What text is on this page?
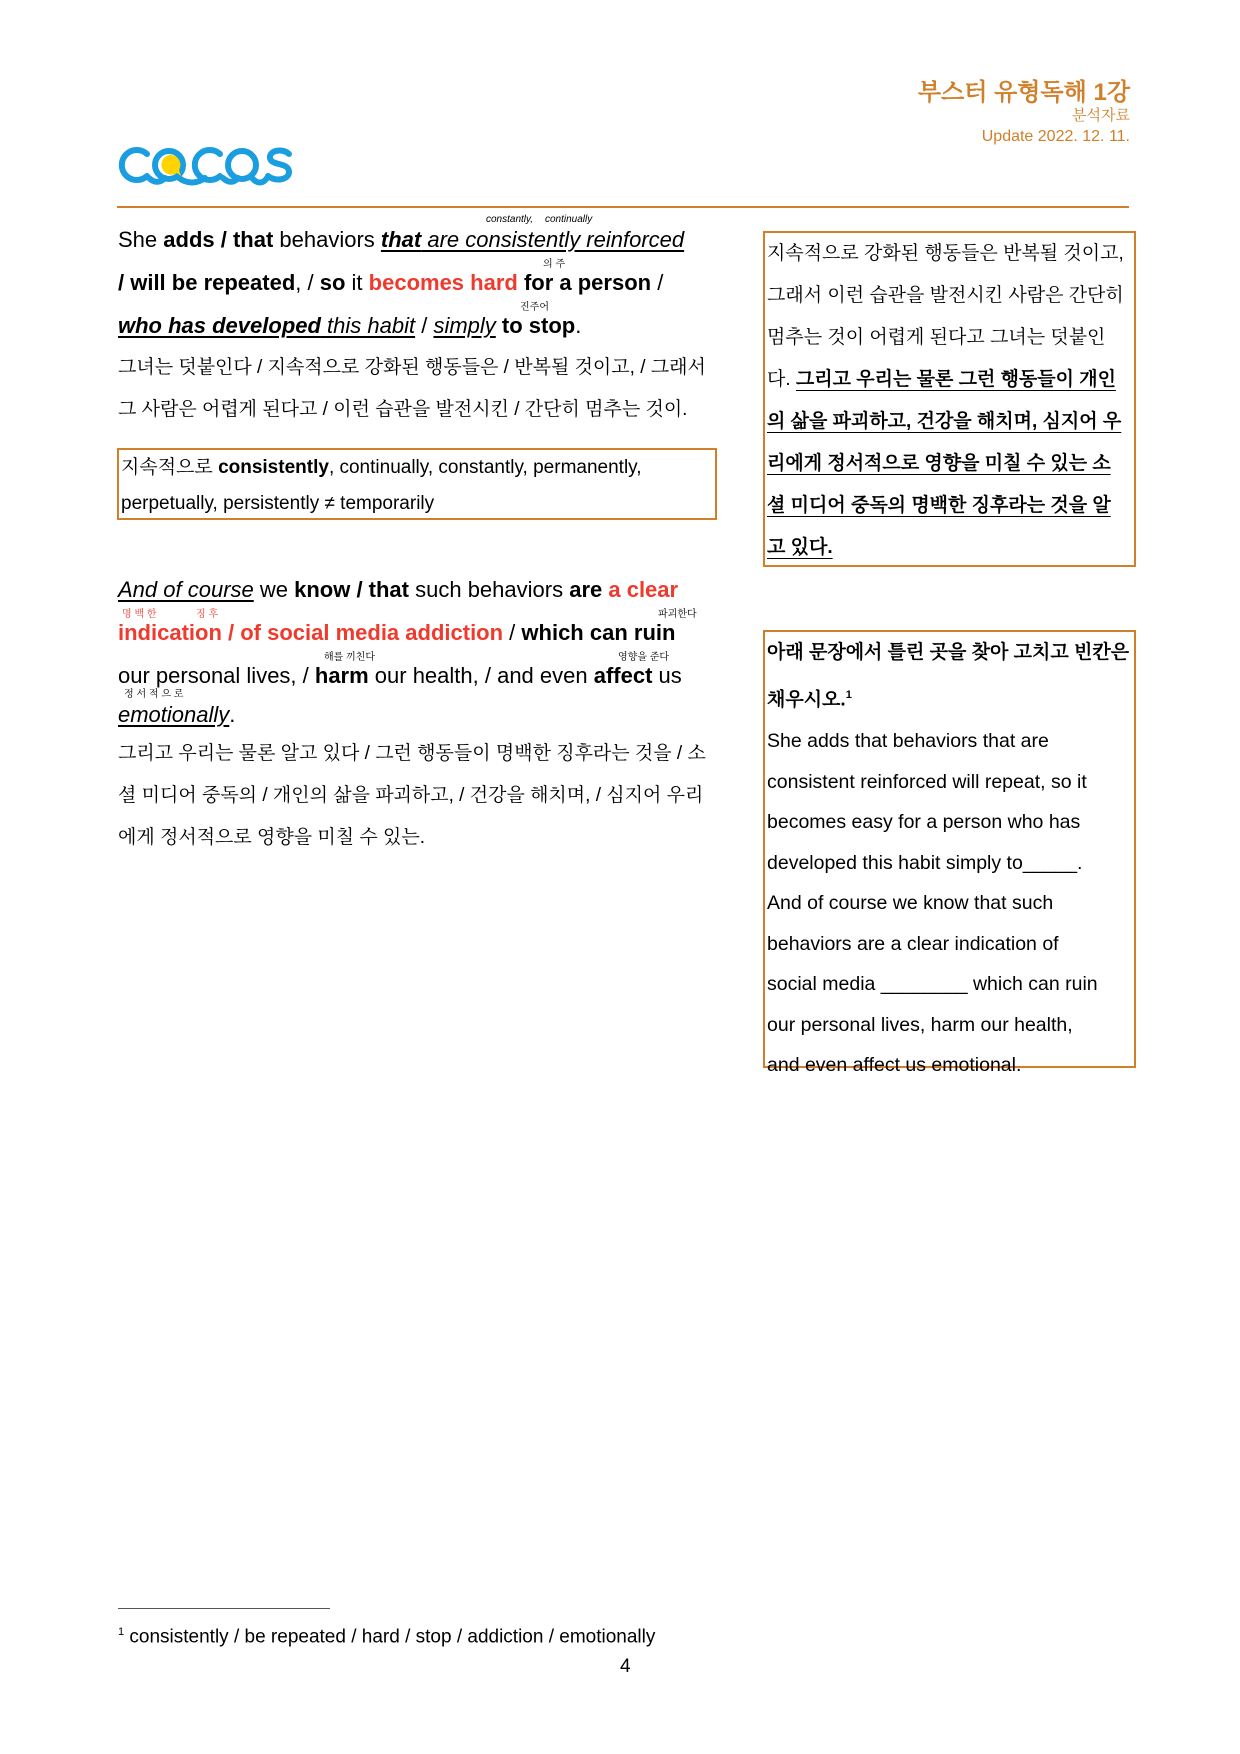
부스터 유형독해 1강
분석자료
Update 2022. 12. 11.
constantly, continually
She adds / that behaviors that are consistently reinforced
의 주
/ will be repeated, / so it becomes hard for a person /
진주어
who has developed this habit / simply to stop.
그녀는 덧붙인다 / 지속적으로 강화된 행동들은 / 반복될 것이고, / 그래서
그 사람은 어렵게 된다고 / 이런 습관을 발전시킨 / 간단히 멈추는 것이.
지속적으로 consistently, continually, constantly, permanently,
perpetually, persistently ≠ temporarily
And of course we know / that such behaviors are a clear
명 백 한	징 후	파괴한다
indication / of social media addiction / which can ruin
해를 끼친다	영향을 준다
our personal lives, / harm our health, / and even affect us
정 서 적 으 로
emotionally.
그리고 우리는 물론 알고 있다 / 그런 행동들이 명백한 징후라는 것을 / 소
셜 미디어 중독의 / 개인의 삶을 파괴하고, / 건강을 해치며, / 심지어 우리
에게 정서적으로 영향을 미칠 수 있는.
지속적으로 강화된 행동들은 반복될 것이고,
그래서 이런 습관을 발전시킨 사람은 간단히
멈추는 것이 어렵게 된다고 그녀는 덧붙인
다. 그리고 우리는 물론 그런 행동들이 개인
의 삶을 파괴하고, 건강을 해치며, 심지어 우
리에게 정서적으로 영향을 미칠 수 있는 소
셜 미디어 중독의 명백한 징후라는 것을 알
고 있다.
아래 문장에서 틀린 곳을 찾아 고치고 빈칸은
채우시오.$^1$
She adds that behaviors that are
consistent reinforced will repeat, so it
becomes easy for a person who has
developed this habit simply to_____.
And of course we know that such
behaviors are a clear indication of
social media ________ which can ruin
our personal lives, harm our health,
and even affect us emotional.
$^1$ consistently / be repeated / hard / stop / addiction / emotionally
4
